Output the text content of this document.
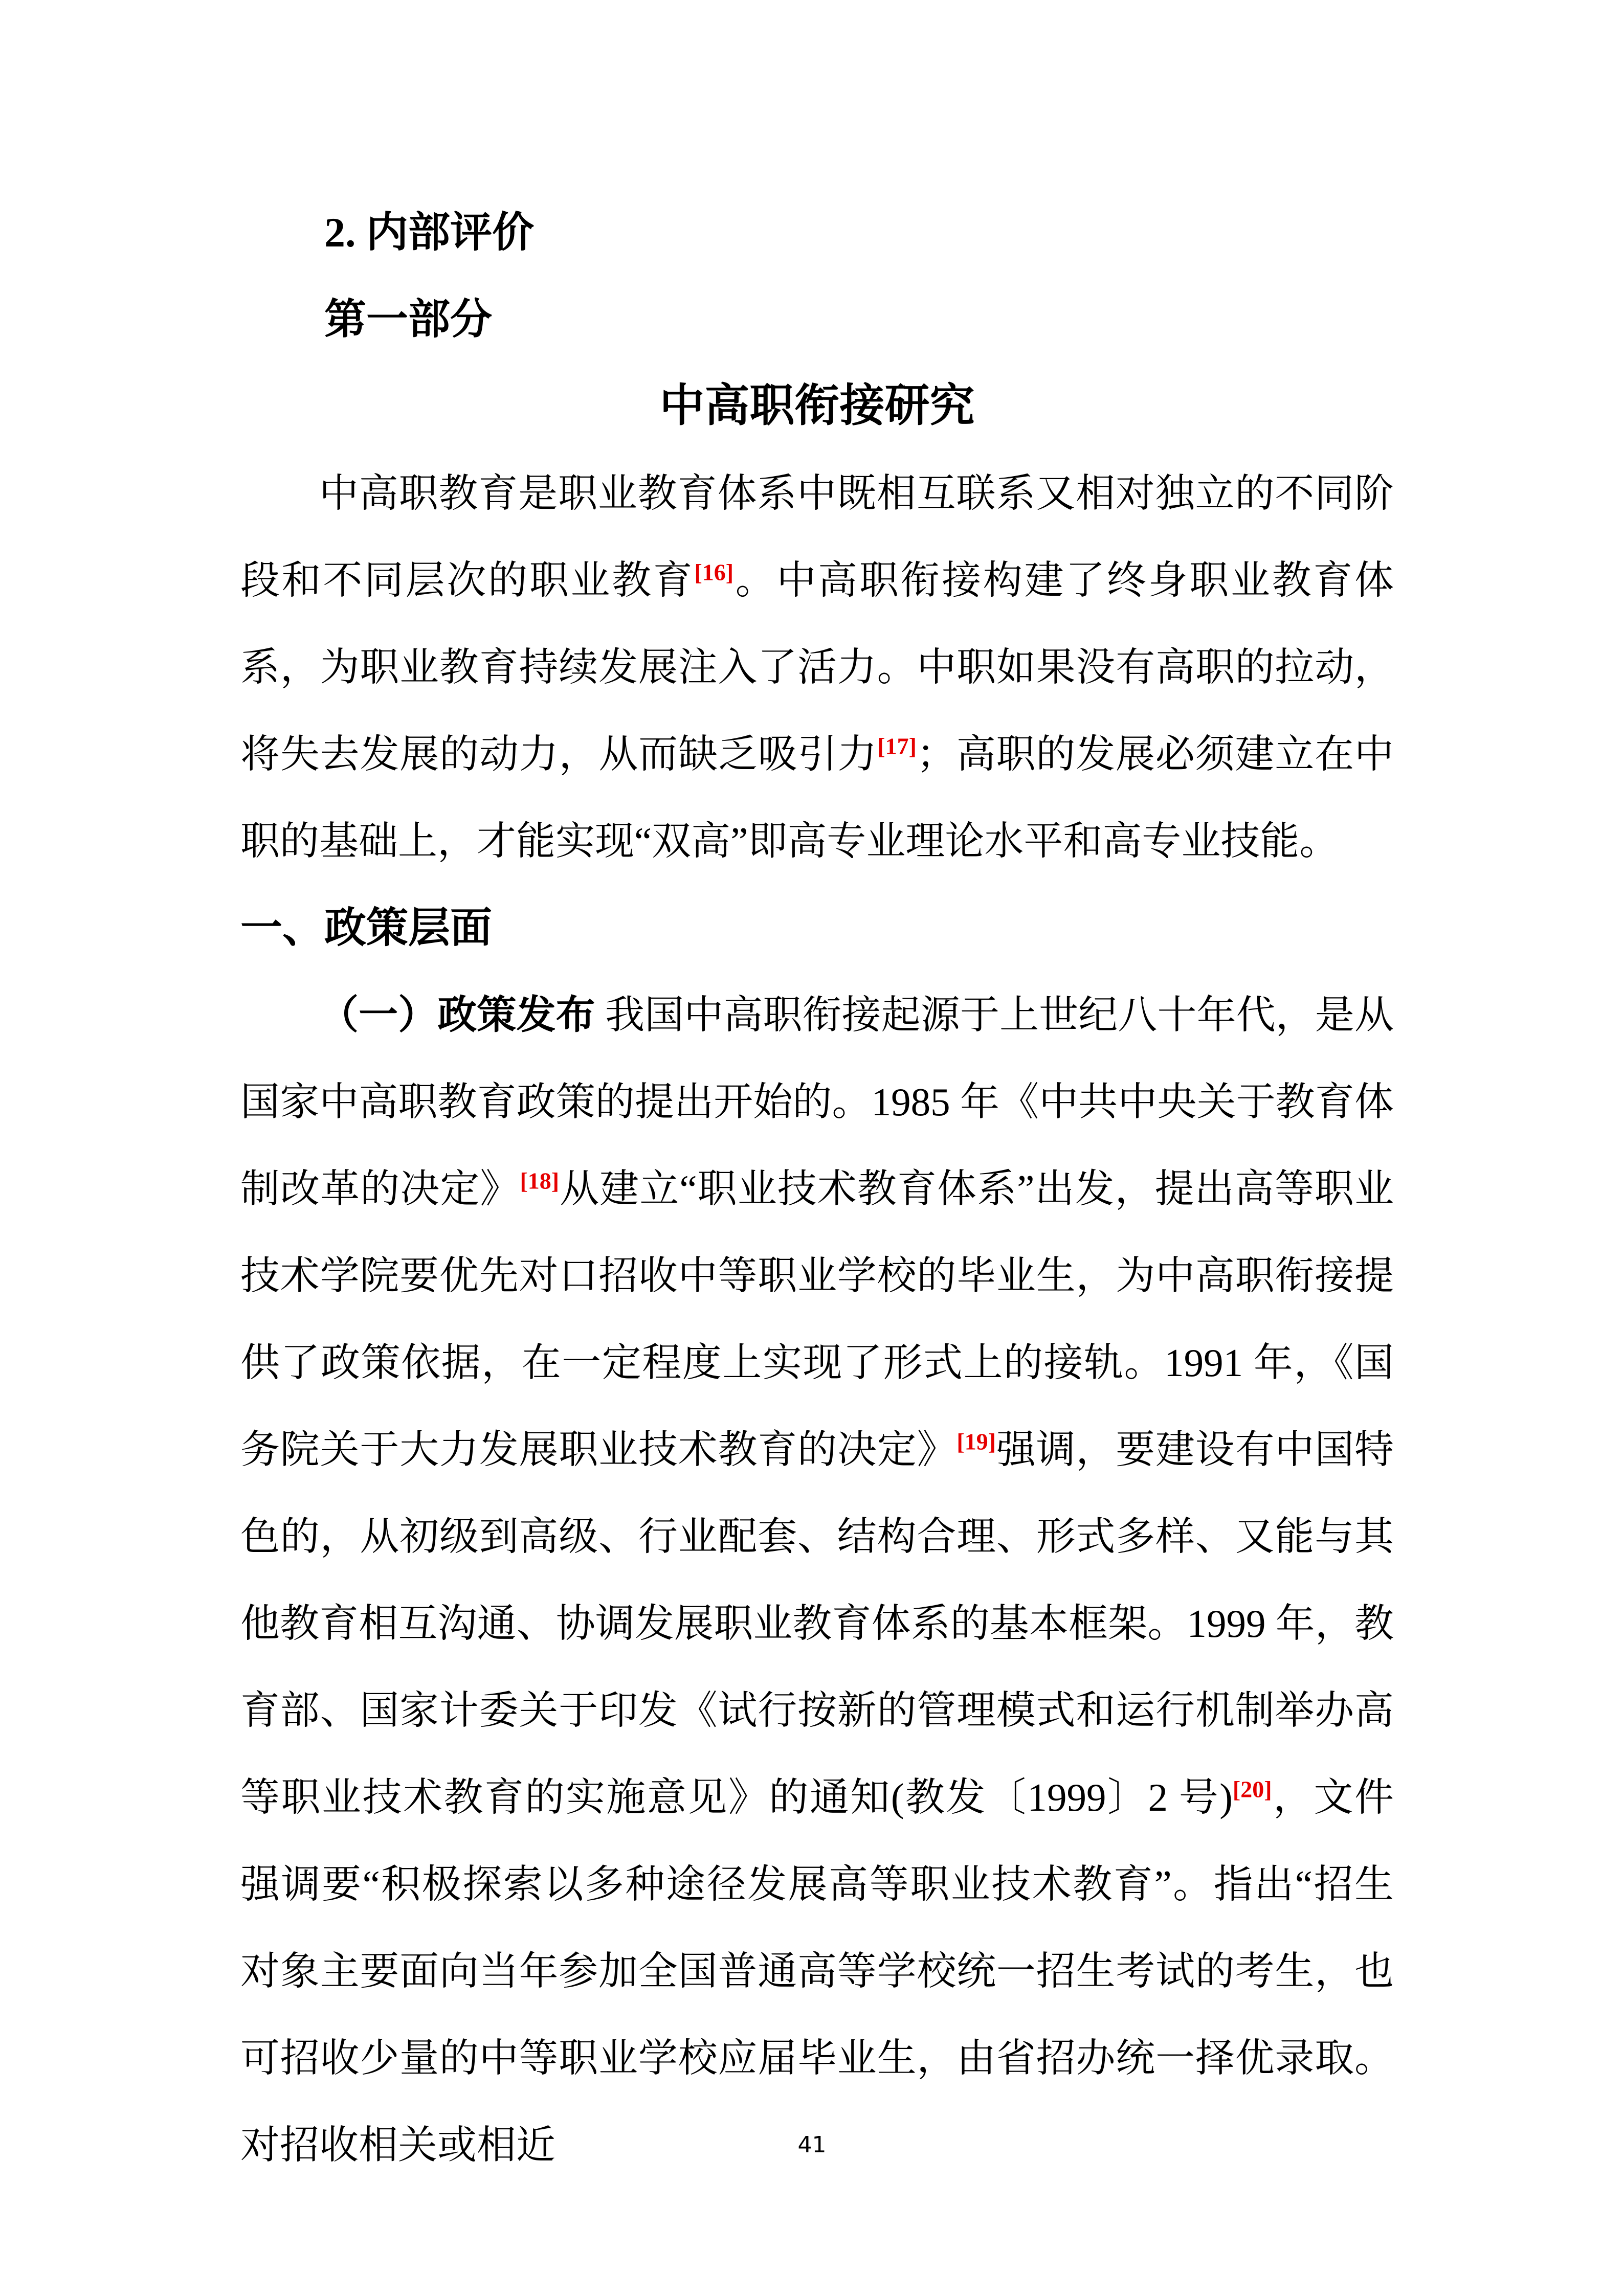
2. 内部评价
第一部分
中高职衔接研究
中高职教育是职业教育体系中既相互联系又相对独立的不同阶段和不同层次的职业教育[16]。中高职衔接构建了终身职业教育体系，为职业教育持续发展注入了活力。中职如果没有高职的拉动，将失去发展的动力，从而缺乏吸引力[17]；高职的发展必须建立在中职的基础上，才能实现“双高”即高专业理论水平和高专业技能。
一、政策层面
（一）政策发布 我国中高职衔接起源于上世纪八十年代，是从国家中高职教育政策的提出开始的。1985 年《中共中央关于教育体制改革的决定》[18]从建立“职业技术教育体系”出发，提出高等职业技术学院要优先对口招收中等职业学校的毕业生，为中高职衔接提供了政策依据，在一定程度上实现了形式上的接轨。1991 年，《国务院关于大力发展职业技术教育的决定》[19]强调，要建设有中国特色的，从初级到高级、行业配套、结构合理、形式多样、又能与其他教育相互沟通、协调发展职业教育体系的基本框架。1999 年，教育部、国家计委关于印发《试行按新的管理模式和运行机制举办高等职业技术教育的实施意见》的通知(教发〔1999〕2 号)[20]，文件强调要“积极探索以多种途径发展高等职业技术教育”。指出“招生对象主要面向当年参加全国普通高等学校统一招生考试的考生，也可招收少量的中等职业学校应届毕业生，由省招办统一择优录取。对招收相关或相近	41
